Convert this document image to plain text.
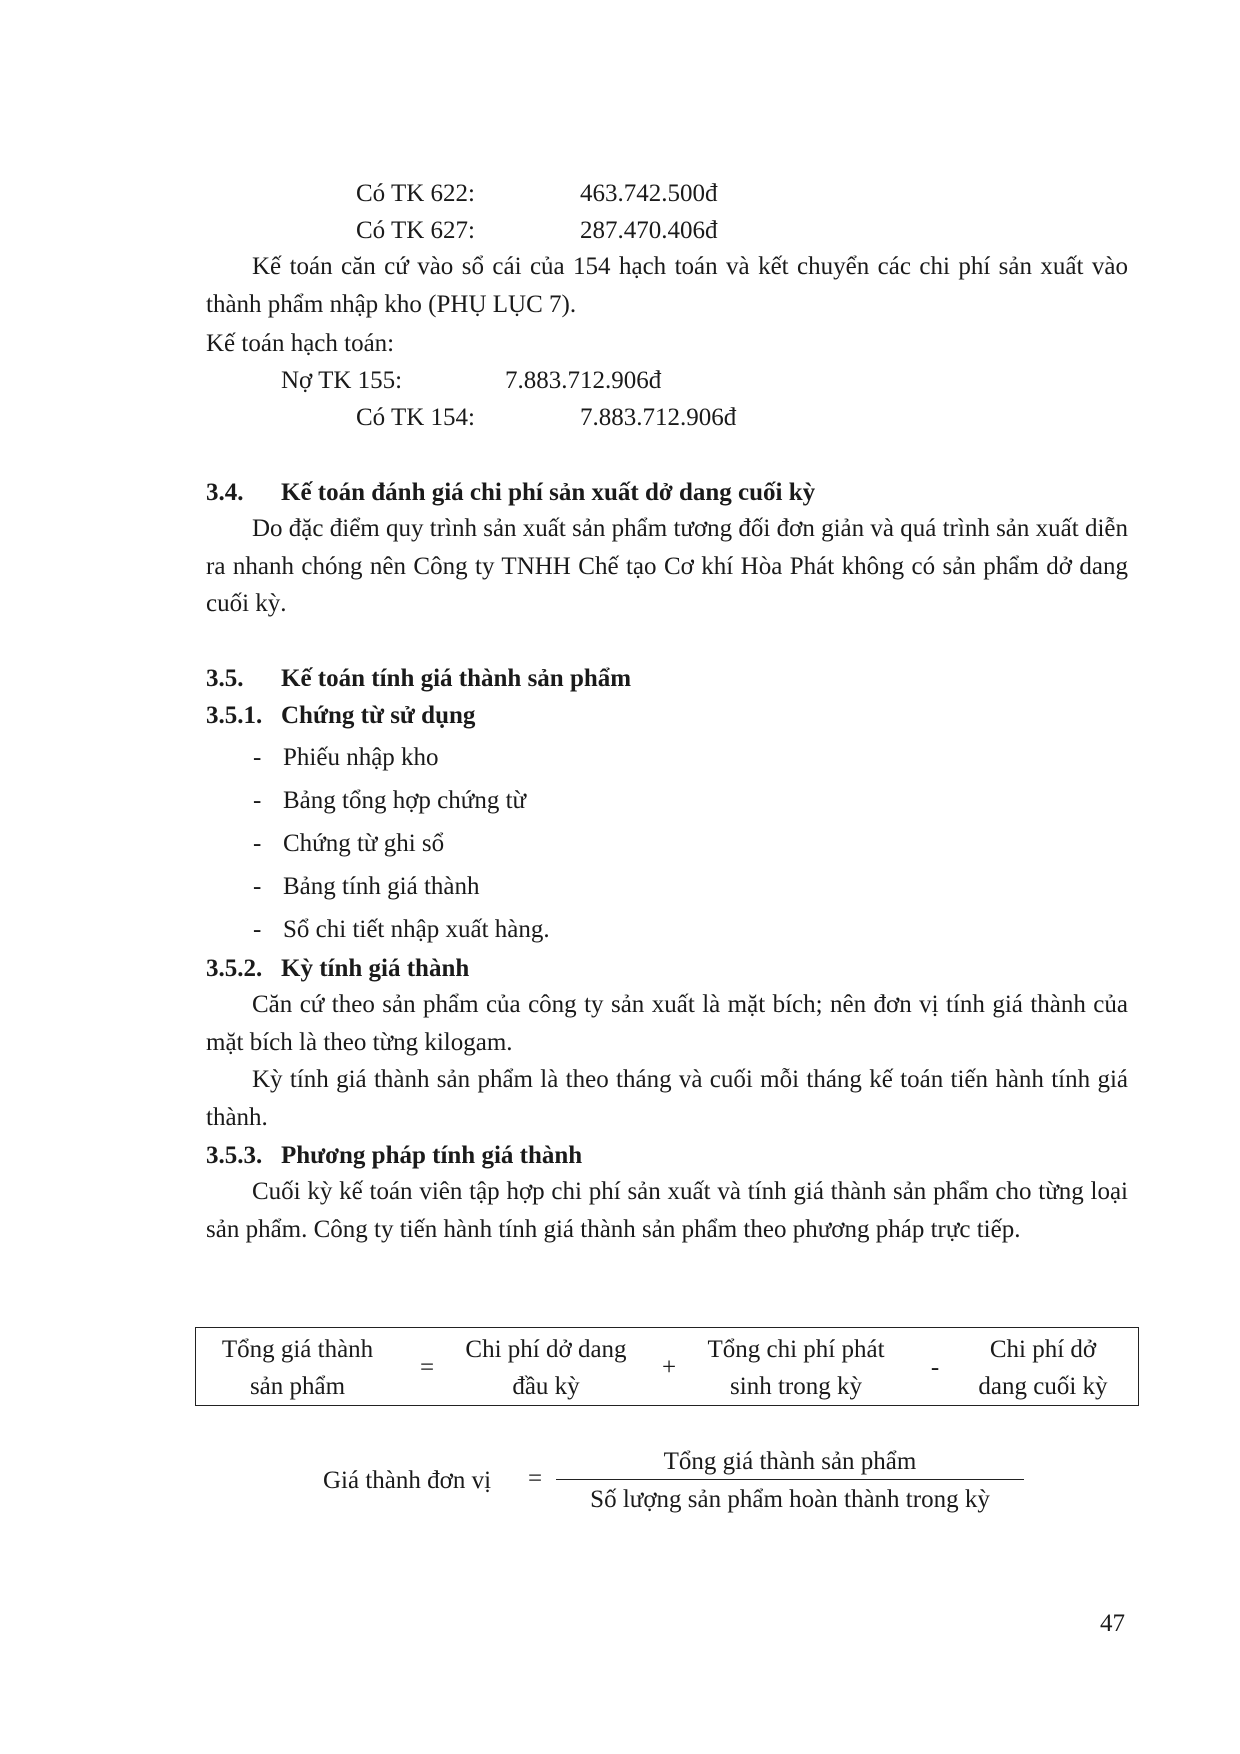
Có TK 622:	463.742.500đ
Có TK 627:	287.470.406đ
Kế toán căn cứ vào sổ cái của 154 hạch toán và kết chuyển các chi phí sản xuất vào thành phẩm nhập kho (PHỤ LỤC 7).
Kế toán hạch toán:
Nợ TK 155:	7.883.712.906đ
Có TK 154:	7.883.712.906đ
3.4. Kế toán đánh giá chi phí sản xuất dở dang cuối kỳ
Do đặc điểm quy trình sản xuất sản phẩm tương đối đơn giản và quá trình sản xuất diễn ra nhanh chóng nên Công ty TNHH Chế tạo Cơ khí Hòa Phát không có sản phẩm dở dang cuối kỳ.
3.5. Kế toán tính giá thành sản phẩm
3.5.1. Chứng từ sử dụng
- Phiếu nhập kho
- Bảng tổng hợp chứng từ
- Chứng từ ghi sổ
- Bảng tính giá thành
- Sổ chi tiết nhập xuất hàng.
3.5.2. Kỳ tính giá thành
Căn cứ theo sản phẩm của công ty sản xuất là mặt bích; nên đơn vị tính giá thành của mặt bích là theo từng kilogam.
Kỳ tính giá thành sản phẩm là theo tháng và cuối mỗi tháng kế toán tiến hành tính giá thành.
3.5.3. Phương pháp tính giá thành
Cuối kỳ kế toán viên tập hợp chi phí sản xuất và tính giá thành sản phẩm cho từng loại sản phẩm. Công ty tiến hành tính giá thành sản phẩm theo phương pháp trực tiếp.
Tổng giá thành
sản phẩm
=
Chi phí dở dang
đầu kỳ
+
Tổng chi phí phát
sinh trong kỳ
-
Chi phí dở
dang cuối kỳ
Giá thành đơn vị =
Tổng giá thành sản phẩm
Số lượng sản phẩm hoàn thành trong kỳ
47
